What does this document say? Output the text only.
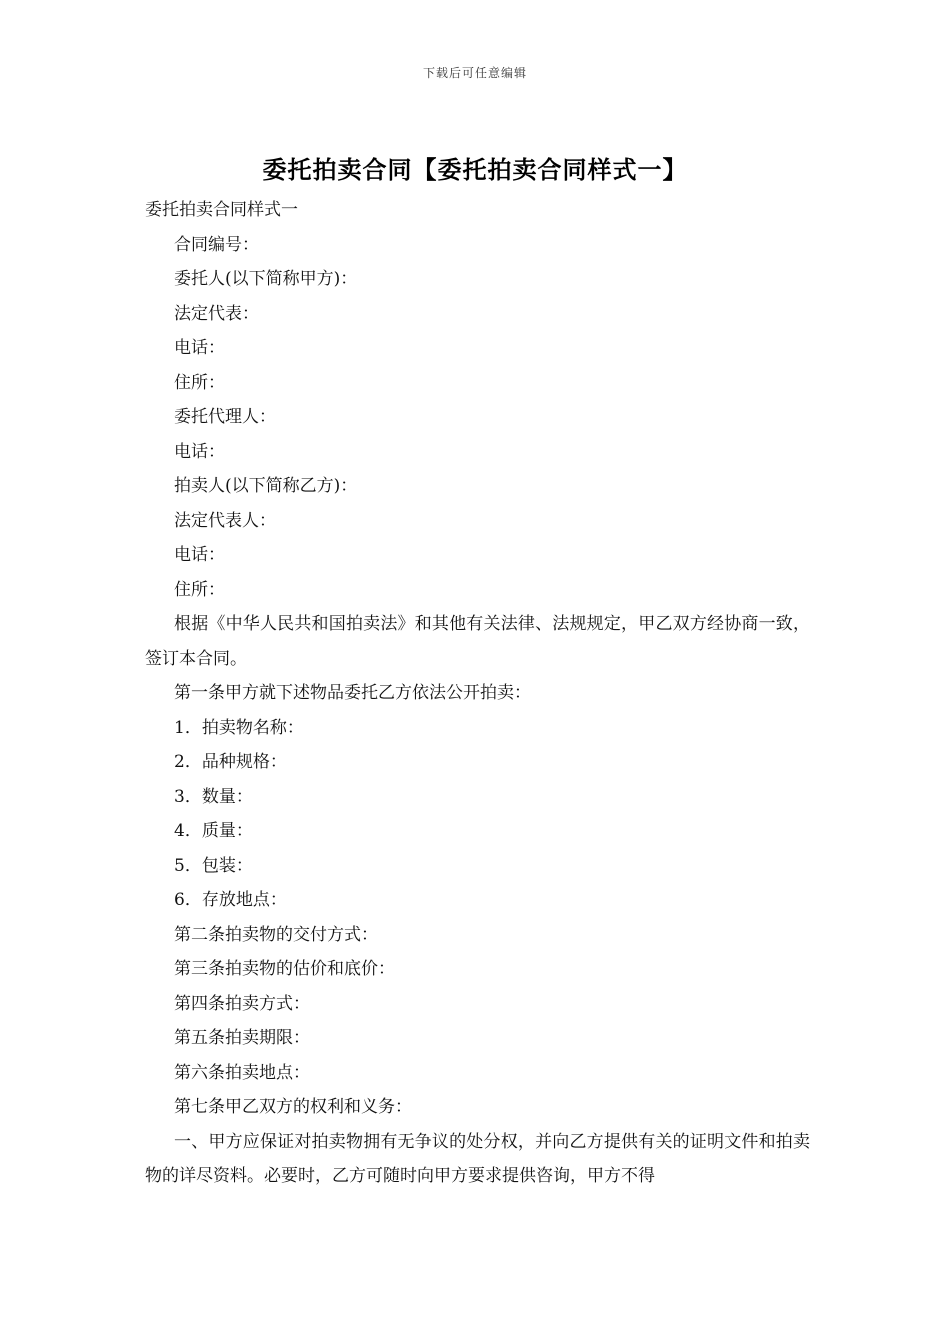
下载后可任意编辑
委托拍卖合同【委托拍卖合同样式一】

委托拍卖合同样式一

合同编号：

委托人(以下简称甲方)：

法定代表：

电话：

住所：

委托代理人：

电话：

拍卖人(以下简称乙方)：

法定代表人：

电话：

住所：

根据《中华人民共和国拍卖法》和其他有关法律、法规规定，甲乙双方经协商一致，签订本合同。

第一条甲方就下述物品委托乙方依法公开拍卖：

1．拍卖物名称：

2．品种规格：

3．数量：

4．质量：

5．包装：

6．存放地点：

第二条拍卖物的交付方式：

第三条拍卖物的估价和底价：

第四条拍卖方式：

第五条拍卖期限：

第六条拍卖地点：

第七条甲乙双方的权利和义务：

一、甲方应保证对拍卖物拥有无争议的处分权，并向乙方提供有关的证明文件和拍卖物的详尽资料。必要时，乙方可随时向甲方要求提供咨询，甲方不得
